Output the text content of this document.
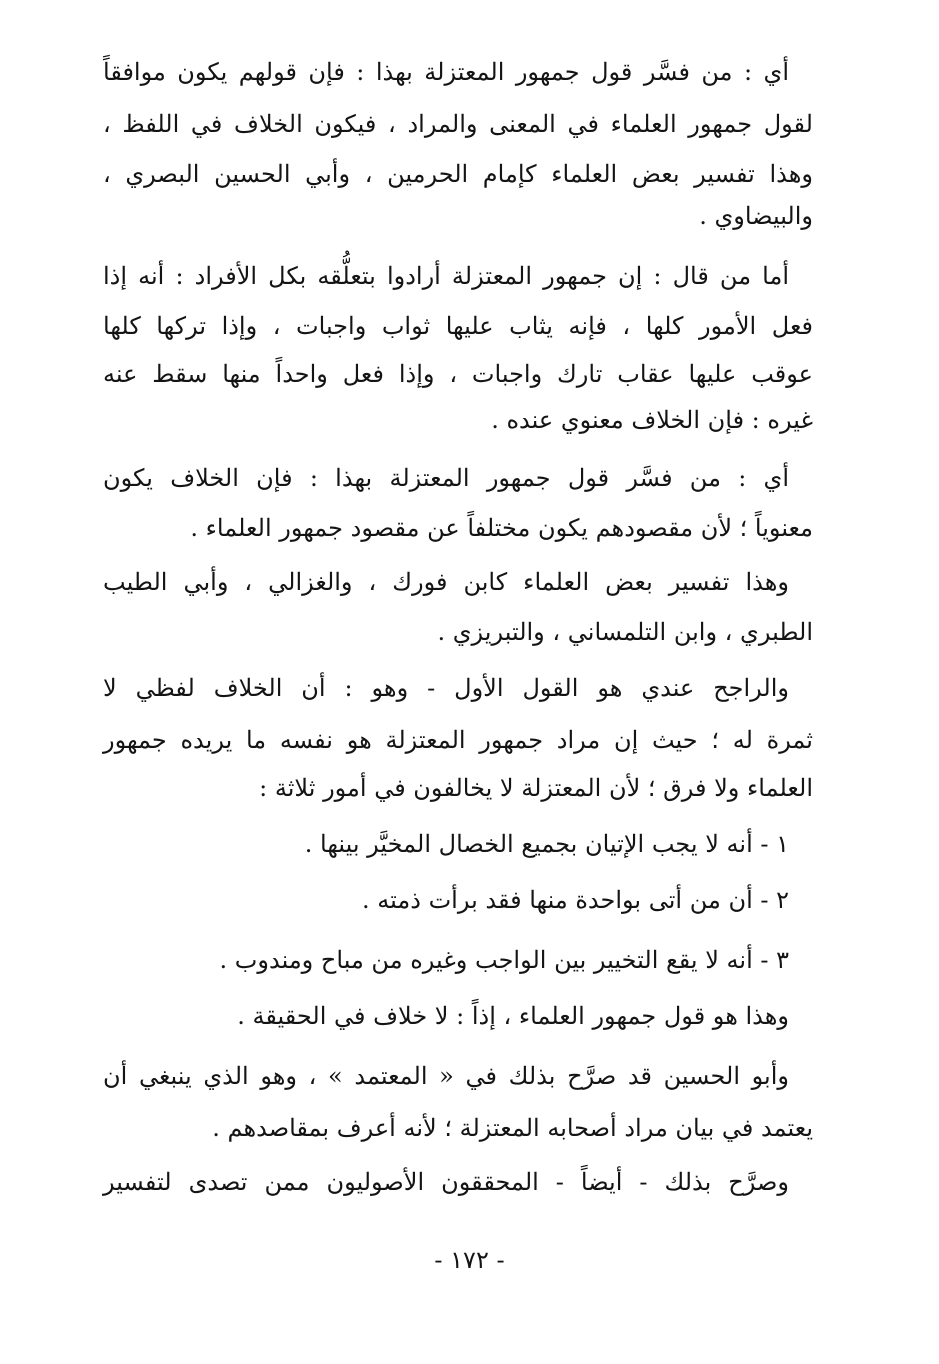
أي : من فسَّر قول جمهور المعتزلة بهذا : فإن قولهم يكون موافقاً
لقول جمهور العلماء في المعنى والمراد ، فيكون الخلاف في اللفظ ،
وهذا تفسير بعض العلماء كإمام الحرمين ، وأبي الحسين البصري ،
والبيضاوي .
أما من قال : إن جمهور المعتزلة أرادوا بتعلُّقه بكل الأفراد : أنه إذا
فعل الأمور كلها ، فإنه يثاب عليها ثواب واجبات ، وإذا تركها كلها
عوقب عليها عقاب تارك واجبات ، وإذا فعل واحداً منها سقط عنه
غيره : فإن الخلاف معنوي عنده .
أي : من فسَّر قول جمهور المعتزلة بهذا : فإن الخلاف يكون
معنوياً ؛ لأن مقصودهم يكون مختلفاً عن مقصود جمهور العلماء .
وهذا تفسير بعض العلماء كابن فورك ، والغزالي ، وأبي الطيب
الطبري ، وابن التلمساني ، والتبريزي .
والراجح عندي هو القول الأول - وهو : أن الخلاف لفظي لا
ثمرة له ؛ حيث إن مراد جمهور المعتزلة هو نفسه ما يريده جمهور
العلماء ولا فرق ؛ لأن المعتزلة لا يخالفون في أمور ثلاثة :
١ - أنه لا يجب الإتيان بجميع الخصال المخيَّر بينها .
٢ - أن من أتى بواحدة منها فقد برأت ذمته .
٣ - أنه لا يقع التخيير بين الواجب وغيره من مباح ومندوب .
وهذا هو قول جمهور العلماء ، إذاً : لا خلاف في الحقيقة .
وأبو الحسين قد صرَّح بذلك في « المعتمد » ، وهو الذي ينبغي أن
يعتمد في بيان مراد أصحابه المعتزلة ؛ لأنه أعرف بمقاصدهم .
وصرَّح بذلك - أيضاً - المحققون الأصوليون ممن تصدى لتفسير
- ١٧٢ -
